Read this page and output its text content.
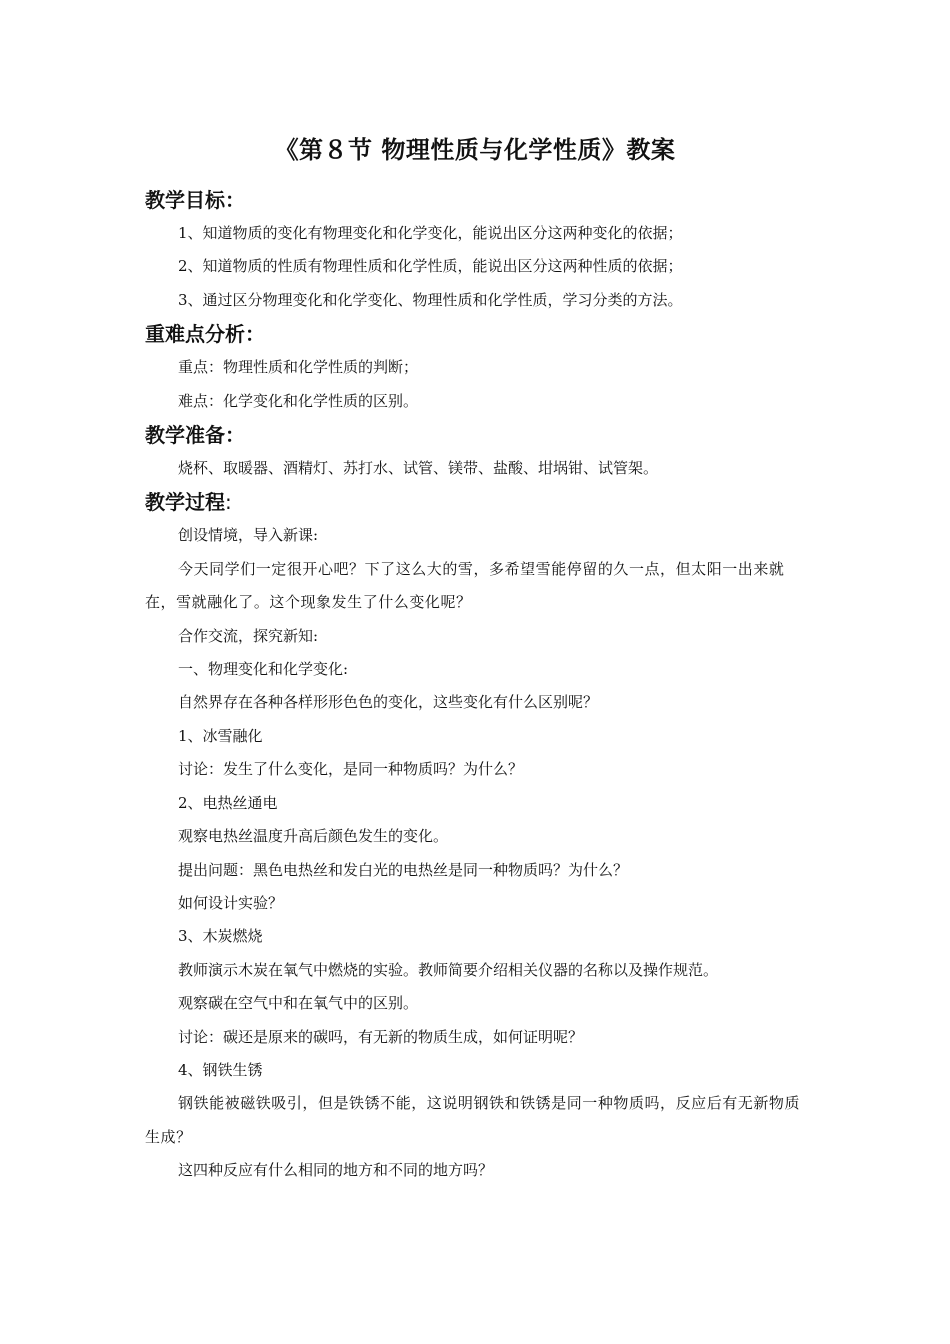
《第８节 物理性质与化学性质》教案
教学目标：

1、知道物质的变化有物理变化和化学变化，能说出区分这两种变化的依据；

2、知道物质的性质有物理性质和化学性质，能说出区分这两种性质的依据；

3、通过区分物理变化和化学变化、物理性质和化学性质，学习分类的方法。

重难点分析：

重点：物理性质和化学性质的判断；

难点：化学变化和化学性质的区别。

教学准备：

烧杯、取暖器、酒精灯、苏打水、试管、镁带、盐酸、坩埚钳、试管架。

教学过程:

创设情境，导入新课:

今天同学们一定很开心吧？下了这么大的雪，多希望雪能停留的久一点，但太阳一出来就在，雪就融化了。这个现象发生了什么变化呢？

合作交流，探究新知:

一、物理变化和化学变化:

自然界存在各种各样形形色色的变化，这些变化有什么区别呢？

1、冰雪融化

讨论：发生了什么变化，是同一种物质吗？为什么？

2、电热丝通电

观察电热丝温度升高后颜色发生的变化。

提出问题：黑色电热丝和发白光的电热丝是同一种物质吗？为什么？

如何设计实验？

3、木炭燃烧

教师演示木炭在氧气中燃烧的实验。教师简要介绍相关仪器的名称以及操作规范。

观察碳在空气中和在氧气中的区别。

讨论：碳还是原来的碳吗，有无新的物质生成，如何证明呢？

4、钢铁生锈

钢铁能被磁铁吸引，但是铁锈不能，这说明钢铁和铁锈是同一种物质吗，反应后有无新物质生成？

这四种反应有什么相同的地方和不同的地方吗？
